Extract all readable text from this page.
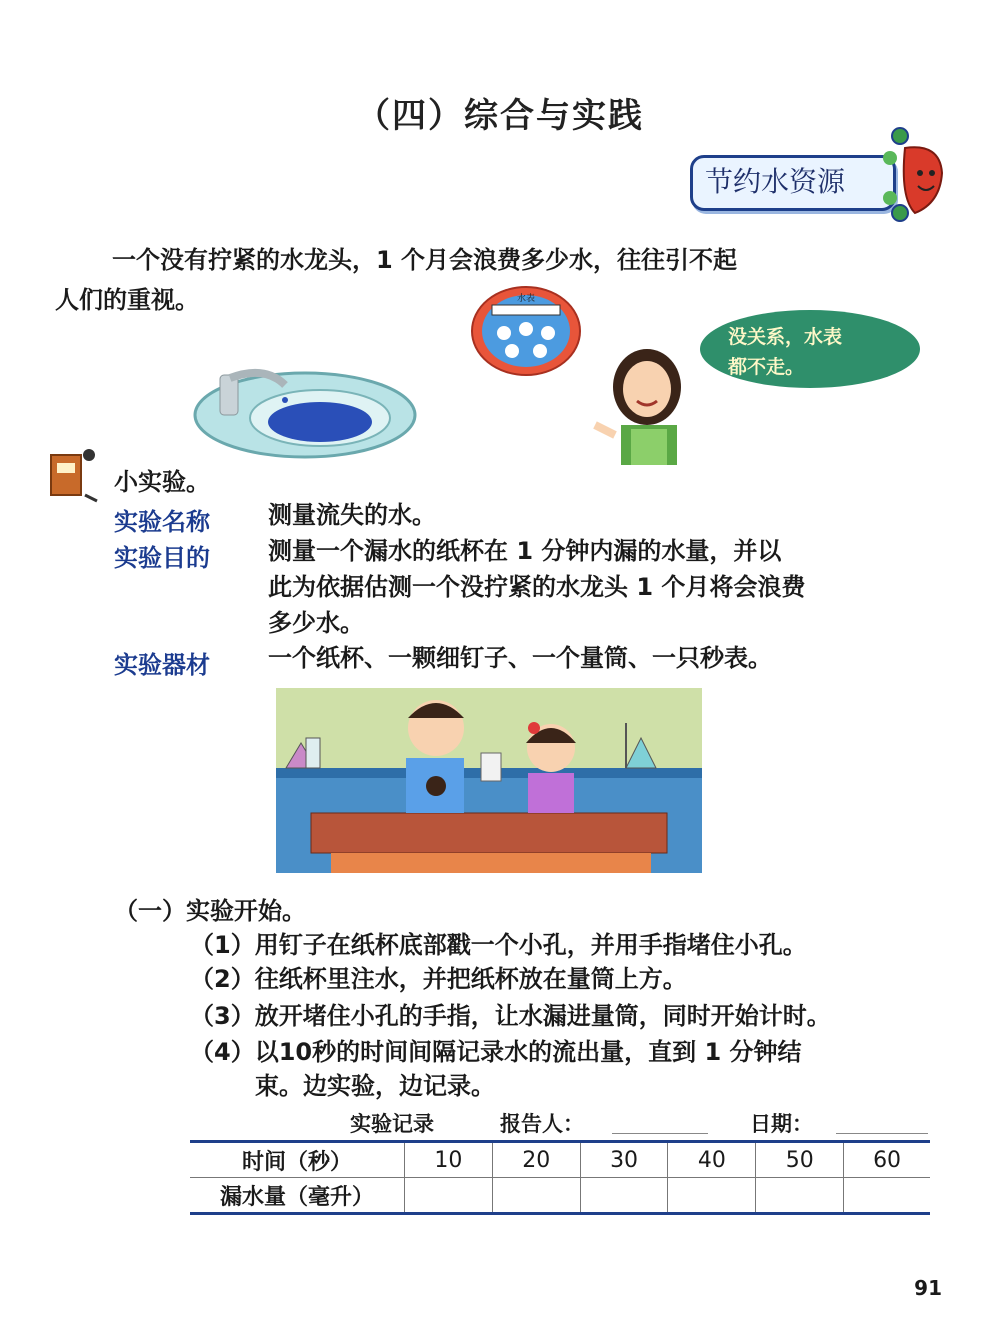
（四）综合与实践
节约水资源
一个没有拧紧的水龙头，1 个月会浪费多少水，往往引不起
人们的重视。	水表
没关系，水表
都不走。
小实验。
实验名称 测量流失的水。
实验目的 测量一个漏水的纸杯在 1 分钟内漏的水量，并以
此为依据估测一个没拧紧的水龙头 1 个月将会浪费
多少水。
实验器材 一个纸杯、一颗细钉子、一个量筒、一只秒表。
（一）实验开始。
（1）用钉子在纸杯底部戳一个小孔，并用手指堵住小孔。
（2）往纸杯里注水，并把纸杯放在量筒上方。
（3）放开堵住小孔的手指，让水漏进量筒，同时开始计时。
（4）以10秒的时间间隔记录水的流出量，直到 1 分钟结
束。边实验，边记录。
实验记录	报告人：	日期：
时间（秒）	10	20	30	40	50	60
漏水量（毫升）						
91
